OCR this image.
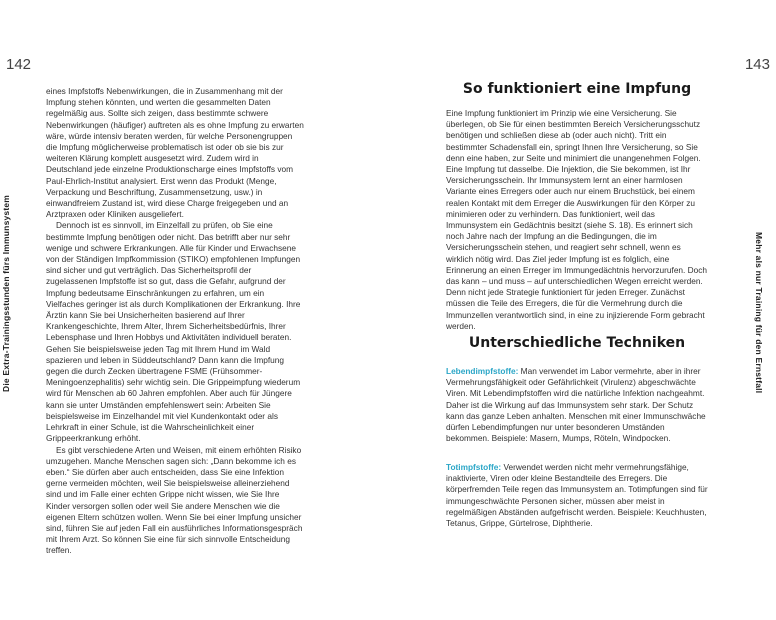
142	143
Die Extra-Trainingsstunden fürs Immunsystem	Mehr als nur Training für den Ernstfall

eines Impfstoffs Nebenwirkungen, die in Zusammenhang mit der Impfung stehen könnten, und werten die gesammelten Daten regelmäßig aus. Sollte sich zeigen, dass bestimmte schwere Nebenwirkungen (häufiger) auftreten als es ohne Impfung zu erwarten wäre, würde intensiv beraten werden, für welche Personengruppen die Impfung möglicherweise problematisch ist oder ob sie bis zur weiteren Klärung komplett ausgesetzt wird. Zudem wird in Deutschland jede einzelne Produktionscharge eines Impfstoffs vom Paul-Ehrlich-Institut analysiert. Erst wenn das Produkt (Menge, Verpackung und Beschriftung, Zusammensetzung, usw.) in einwandfreiem Zustand ist, wird diese Charge freigegeben und an Arztpraxen oder Kliniken ausgeliefert.

Dennoch ist es sinnvoll, im Einzelfall zu prüfen, ob Sie eine bestimmte Impfung benötigen oder nicht. Das betrifft aber nur sehr wenige und schwere Erkrankungen. Alle für Kinder und Erwachsene von der Ständigen Impfkommission (STIKO) empfohlenen Impfungen sind sicher und gut verträglich. Das Sicherheitsprofil der zugelassenen Impfstoffe ist so gut, dass die Gefahr, aufgrund der Impfung bedeutsame Einschränkungen zu erfahren, um ein Vielfaches geringer ist als durch Komplikationen der Erkrankung. Ihre Ärztin kann Sie bei Unsicherheiten basierend auf Ihrer Krankengeschichte, Ihrem Alter, Ihrem Sicherheitsbedürfnis, Ihrer Lebensphase und Ihren Hobbys und Aktivitäten individuell beraten. Gehen Sie beispielsweise jeden Tag mit Ihrem Hund im Wald spazieren und leben in Süddeutschland? Dann kann die Impfung gegen die durch Zecken übertragene FSME (Frühsommer-Meningoenzephalitis) sehr wichtig sein. Die Grippeimpfung wiederum wird für Menschen ab 60 Jahren empfohlen. Aber auch für Jüngere kann sie unter Umständen empfehlenswert sein: Arbeiten Sie beispielsweise im Einzelhandel mit viel Kundenkontakt oder als Lehrkraft in einer Schule, ist die Wahrscheinlichkeit einer Grippeerkrankung erhöht.

Es gibt verschiedene Arten und Weisen, mit einem erhöhten Risiko umzugehen. Manche Menschen sagen sich: „Dann bekomme ich es eben.“ Sie dürfen aber auch entscheiden, dass Sie eine Infektion gerne vermeiden möchten, weil Sie beispielsweise alleinerziehend sind und im Falle einer echten Grippe nicht wissen, wie Sie Ihre Kinder versorgen sollen oder weil Sie andere Menschen wie die eigenen Eltern schützen wollen. Wenn Sie bei einer Impfung unsicher sind, führen Sie auf jeden Fall ein ausführliches Informationsgespräch mit Ihrem Arzt. So können Sie eine für sich sinnvolle Entscheidung treffen.

So funktioniert eine Impfung

Eine Impfung funktioniert im Prinzip wie eine Versicherung. Sie überlegen, ob Sie für einen bestimmten Bereich Versicherungsschutz benötigen und schließen diese ab (oder auch nicht). Tritt ein bestimmter Schadensfall ein, springt Ihnen Ihre Versicherung, so Sie denn eine haben, zur Seite und minimiert die unangenehmen Folgen. Eine Impfung tut dasselbe. Die Injektion, die Sie bekommen, ist Ihr Versicherungsschein. Ihr Immunsystem lernt an einer harmlosen Variante eines Erregers oder auch nur einem Bruchstück, bei einem realen Kontakt mit dem Erreger die Auswirkungen für den Körper zu minimieren oder zu verhindern. Das funktioniert, weil das Immunsystem ein Gedächtnis besitzt (siehe S. 18). Es erinnert sich noch Jahre nach der Impfung an die Bedingungen, die im Versicherungsschein stehen, und reagiert sehr schnell, wenn es wirklich nötig wird. Das Ziel jeder Impfung ist es folglich, eine Erinnerung an einen Erreger im Immungedächtnis hervorzurufen. Doch das kann – und muss – auf unterschiedlichen Wegen erreicht werden. Denn nicht jede Strategie funktioniert für jeden Erreger. Zunächst müssen die Teile des Erregers, die für die Vermehrung durch die Immunzellen verantwortlich sind, in eine zu injizierende Form gebracht werden.

Unterschiedliche Techniken

Lebendimpfstoffe: Man verwendet im Labor vermehrte, aber in ihrer Vermehrungsfähigkeit oder Gefährlichkeit (Virulenz) abgeschwächte Viren. Mit Lebendimpfstoffen wird die natürliche Infektion nachgeahmt. Daher ist die Wirkung auf das Immunsystem sehr stark. Der Schutz kann das ganze Leben anhalten. Menschen mit einer Immunschwäche dürfen Lebendimpfungen nur unter besonderen Umständen bekommen. Beispiele: Masern, Mumps, Röteln, Windpocken.

Totimpfstoffe: Verwendet werden nicht mehr vermehrungsfähige, inaktivierte, Viren oder kleine Bestandteile des Erregers. Die körperfremden Teile regen das Immunsystem an. Totimpfungen sind für immungeschwächte Personen sicher, müssen aber meist in regelmäßigen Abständen aufgefrischt werden. Beispiele: Keuchhusten, Tetanus, Grippe, Gürtelrose, Diphtherie.
